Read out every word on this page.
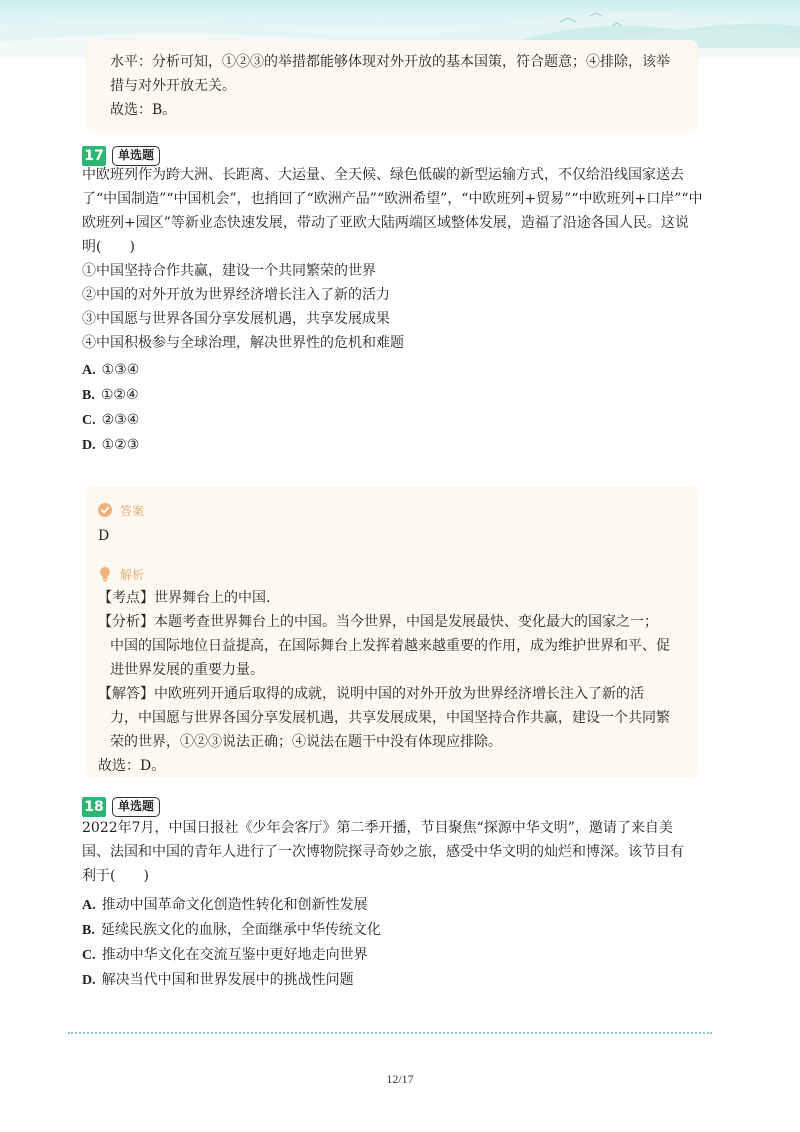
水平：分析可知，①②③的举措都能够体现对外开放的基本国策，符合题意；④排除，该举
措与对外开放无关。
故选：B。
17	单选题
中欧班列作为跨大洲、长距离、大运量、全天候、绿色低碳的新型运输方式，不仅给沿线国家送去
了“中国制造”“中国机会”，也捎回了“欧洲产品”“欧洲希望”，“中欧班列+贸易”“中欧班列+口岸”“中
欧班列+园区”等新业态快速发展，带动了亚欧大陆两端区域整体发展，造福了沿途各国人民。这说
明(　　)
①中国坚持合作共赢，建设一个共同繁荣的世界
②中国的对外开放为世界经济增长注入了新的活力
③中国愿与世界各国分享发展机遇，共享发展成果
④中国积极参与全球治理，解决世界性的危机和难题
A. ①③④
B. ①②④
C. ②③④
D. ①②③
答案
D
解析
【考点】世界舞台上的中国.
【分析】本题考查世界舞台上的中国。当今世界，中国是发展最快、变化最大的国家之一；
中国的国际地位日益提高，在国际舞台上发挥着越来越重要的作用，成为维护世界和平、促
进世界发展的重要力量。
【解答】中欧班列开通后取得的成就，说明中国的对外开放为世界经济增长注入了新的活
力，中国愿与世界各国分享发展机遇，共享发展成果，中国坚持合作共赢，建设一个共同繁
荣的世界，①②③说法正确；④说法在题干中没有体现应排除。
故选：D。
18	单选题
2022年7月，中国日报社《少年会客厅》第二季开播，节目聚焦“探源中华文明”，邀请了来自美
国、法国和中国的青年人进行了一次博物院探寻奇妙之旅，感受中华文明的灿烂和博深。该节目有
利于(　　)
A. 推动中国革命文化创造性转化和创新性发展
B. 延续民族文化的血脉，全面继承中华传统文化
C. 推动中华文化在交流互鉴中更好地走向世界
D. 解决当代中国和世界发展中的挑战性问题
12/17
